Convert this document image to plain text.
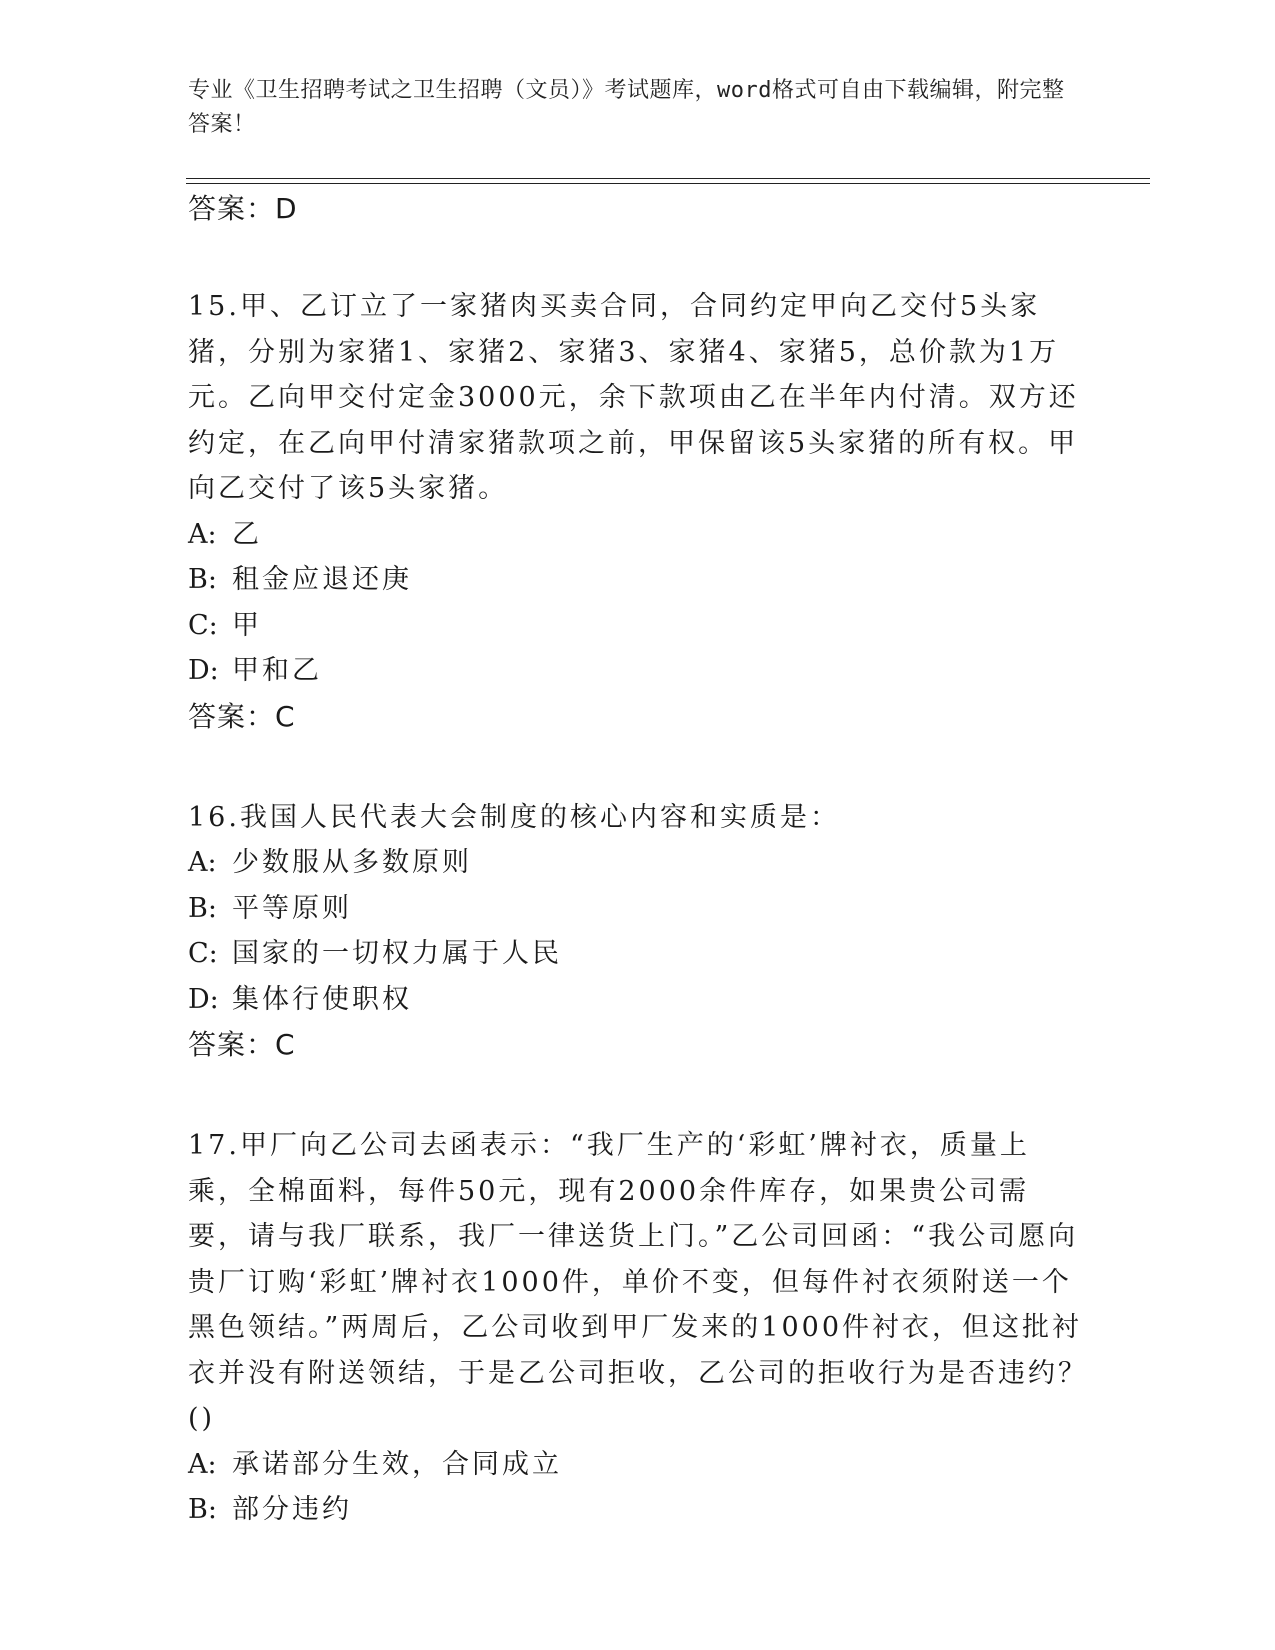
专业《卫生招聘考试之卫生招聘（文员）》考试题库，word格式可自由下载编辑，附完整答案！
答案：D
15.甲、乙订立了一家猪肉买卖合同，合同约定甲向乙交付5头家猪，分别为家猪1、家猪2、家猪3、家猪4、家猪5，总价款为1万元。乙向甲交付定金3000元，余下款项由乙在半年内付清。双方还约定，在乙向甲付清家猪款项之前，甲保留该5头家猪的所有权。甲向乙交付了该5头家猪。
A: 乙
B: 租金应退还庚
C: 甲
D: 甲和乙
答案：C
16.我国人民代表大会制度的核心内容和实质是：
A: 少数服从多数原则
B: 平等原则
C: 国家的一切权力属于人民
D: 集体行使职权
答案：C
17.甲厂向乙公司去函表示：“我厂生产的‘彩虹’牌衬衣，质量上乘，全棉面料，每件50元，现有2000余件库存，如果贵公司需要，请与我厂联系，我厂一律送货上门。”乙公司回函：“我公司愿向贵厂订购‘彩虹’牌衬衣1000件，单价不变，但每件衬衣须附送一个黑色领结。”两周后，乙公司收到甲厂发来的1000件衬衣，但这批衬衣并没有附送领结，于是乙公司拒收，乙公司的拒收行为是否违约？()
A: 承诺部分生效，合同成立
B: 部分违约
